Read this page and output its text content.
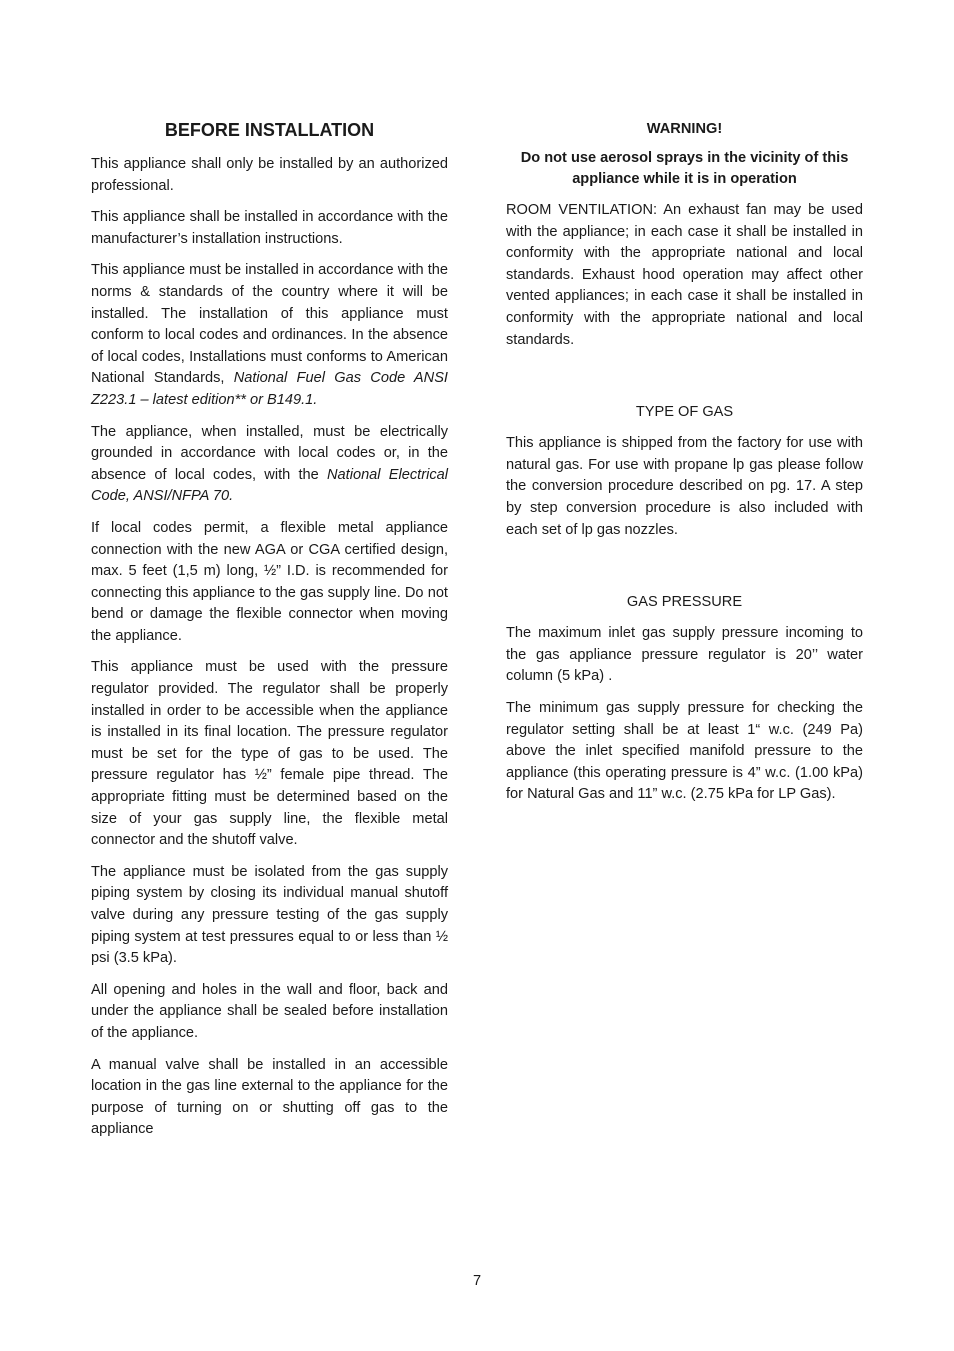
BEFORE INSTALLATION

This appliance shall only be installed by an authorized professional.

This appliance shall be installed in accordance with the manufacturer’s installation instructions.

This appliance must be installed in accordance with the norms & standards of the country where it will be installed. The installation of this appliance must conform to local codes and ordinances. In the absence of local codes, Installations must conforms to American National Standards, National Fuel Gas Code ANSI Z223.1 – latest edition** or B149.1.

The appliance, when installed, must be electrically grounded in accordance with local codes or, in the absence of local codes, with the National Electrical Code, ANSI/NFPA 70.

If local codes permit, a flexible metal appliance connection with the new AGA or CGA certified design, max. 5 feet (1,5 m) long, ½” I.D. is recommended for connecting this appliance to the gas supply line. Do not bend or damage the flexible connector when moving the appliance.

This appliance must be used with the pressure regulator provided. The regulator shall be properly installed in order to be accessible when the appliance is installed in its final location. The pressure regulator must be set for the type of gas to be used. The pressure regulator has ½” female pipe thread. The appropriate fitting must be determined based on the size of your gas supply line, the flexible metal connector and the shutoff valve.

The appliance must be isolated from the gas supply piping system by closing its individual manual shutoff valve during any pressure testing of the gas supply piping system at test pressures equal to or less than ½ psi (3.5 kPa).

All opening and holes in the wall and floor, back and under the appliance shall be sealed before installation of the appliance.

A manual valve shall be installed in an accessible location in the gas line external to the appliance for the purpose of turning on or shutting off gas to the appliance

WARNING!
Do not use aerosol sprays in the vicinity of this appliance while it is in operation

ROOM VENTILATION: An exhaust fan may be used with the appliance; in each case it shall be installed in conformity with the appropriate national and local standards. Exhaust hood operation may affect other vented appliances; in each case it shall be installed in conformity with the appropriate national and local standards.

TYPE OF GAS

This appliance is shipped from the factory for use with natural gas. For use with propane lp gas please follow the conversion procedure described on pg. 17. A step by step conversion procedure is also included with each set of lp gas nozzles.

GAS PRESSURE

The maximum inlet gas supply pressure incoming to the gas appliance pressure regulator is 20’’ water column (5 kPa) .

The minimum gas supply pressure for checking the regulator setting shall be at least 1“ w.c. (249 Pa) above the inlet specified manifold pressure to the appliance (this operating pressure is 4” w.c. (1.00 kPa) for Natural Gas and 11” w.c. (2.75 kPa for LP Gas).

7
